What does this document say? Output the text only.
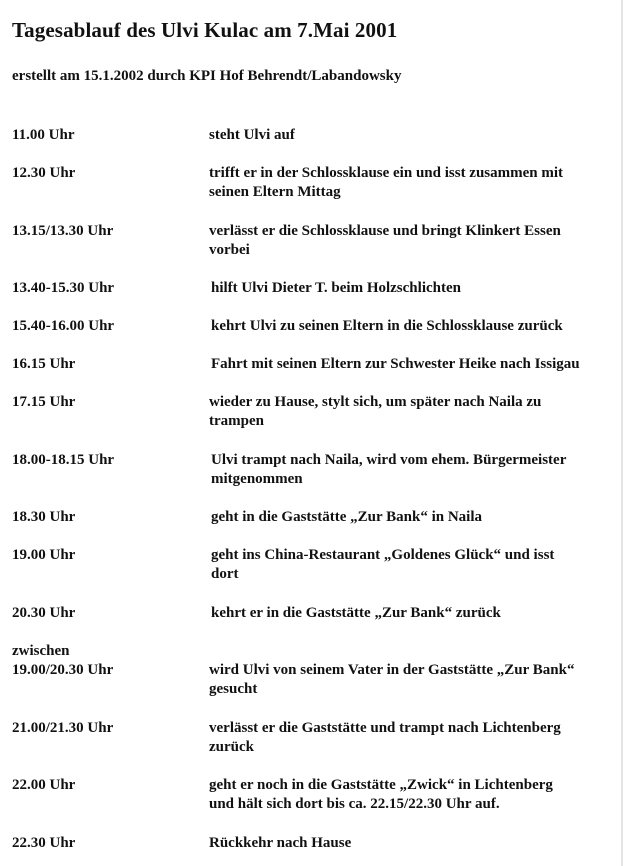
Tagesablauf des Ulvi Kulac am 7.Mai 2001
erstellt am 15.1.2002 durch KPI Hof Behrendt/Labandowsky
11.00 Uhr	steht Ulvi auf
12.30 Uhr	trifft er in der Schlossklause ein und isst zusammen mit
seinen Eltern Mittag
13.15/13.30 Uhr	verlässt er die Schlossklause und bringt Klinkert Essen
vorbei
13.40-15.30 Uhr	hilft Ulvi Dieter T. beim Holzschlichten
15.40-16.00 Uhr	kehrt Ulvi zu seinen Eltern in die Schlossklause zurück
16.15 Uhr	Fahrt mit seinen Eltern zur Schwester Heike nach Issigau
17.15 Uhr	wieder zu Hause, stylt sich, um später nach Naila zu
trampen
18.00-18.15 Uhr	Ulvi trampt nach Naila, wird vom ehem. Bürgermeister
mitgenommen
18.30 Uhr	geht in die Gaststätte „Zur Bank“ in Naila
19.00 Uhr	geht ins China-Restaurant „Goldenes Glück“ und isst
dort
20.30 Uhr	kehrt er in die Gaststätte „Zur Bank“ zurück
zwischen
19.00/20.30 Uhr	wird Ulvi von seinem Vater in der Gaststätte „Zur Bank“
gesucht
21.00/21.30 Uhr	verlässt er die Gaststätte und trampt nach Lichtenberg
zurück
22.00 Uhr	geht er noch in die Gaststätte „Zwick“ in Lichtenberg
und hält sich dort bis ca. 22.15/22.30 Uhr auf.
22.30 Uhr	Rückkehr nach Hause
